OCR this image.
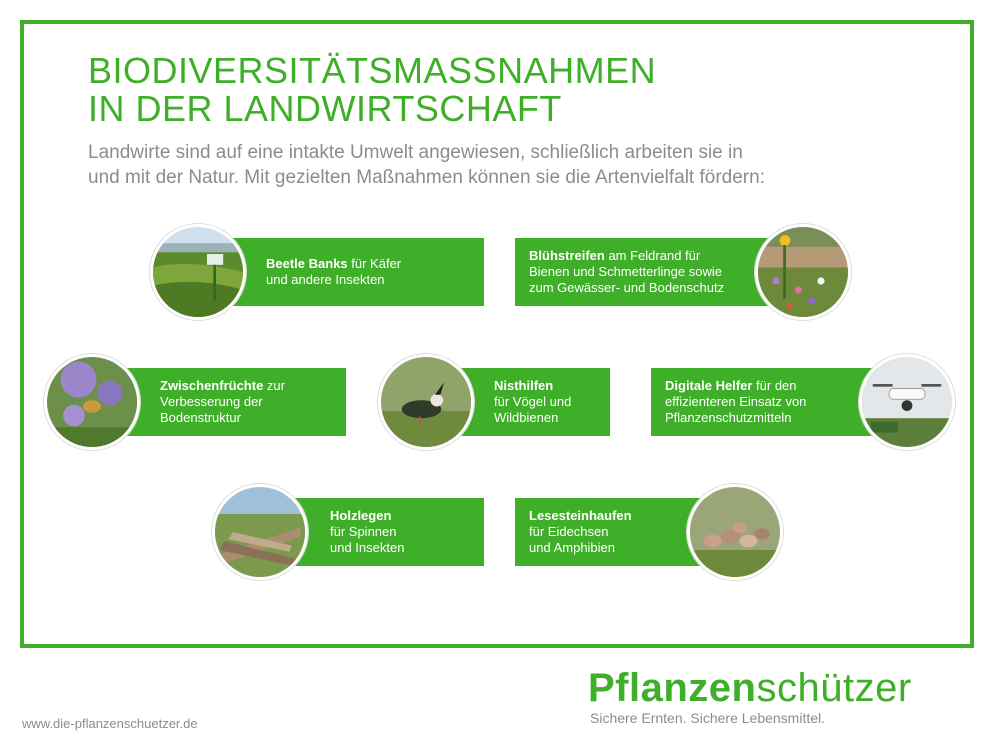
BIODIVERSITÄTSMASSNAHMEN
IN DER LANDWIRTSCHAFT

Landwirte sind auf eine intakte Umwelt angewiesen, schließlich arbeiten sie in
und mit der Natur. Mit gezielten Maßnahmen können sie die Artenvielfalt fördern:

Beetle Banks für Käfer
und andere Insekten
Blühstreifen am Feldrand für
Bienen und Schmetterlinge sowie
zum Gewässer- und Bodenschutz
Zwischenfrüchte zur
Verbesserung der
Bodenstruktur
Nisthilfen
für Vögel und
Wildbienen
Digitale Helfer für den
effizienteren Einsatz von
Pflanzenschutzmitteln
Holzlegen
für Spinnen
und Insekten
Lesesteinhaufen
für Eidechsen
und Amphibien
www.die-pflanzenschuetzer.de
Pflanzenschützer
Sichere Ernten. Sichere Lebensmittel.
